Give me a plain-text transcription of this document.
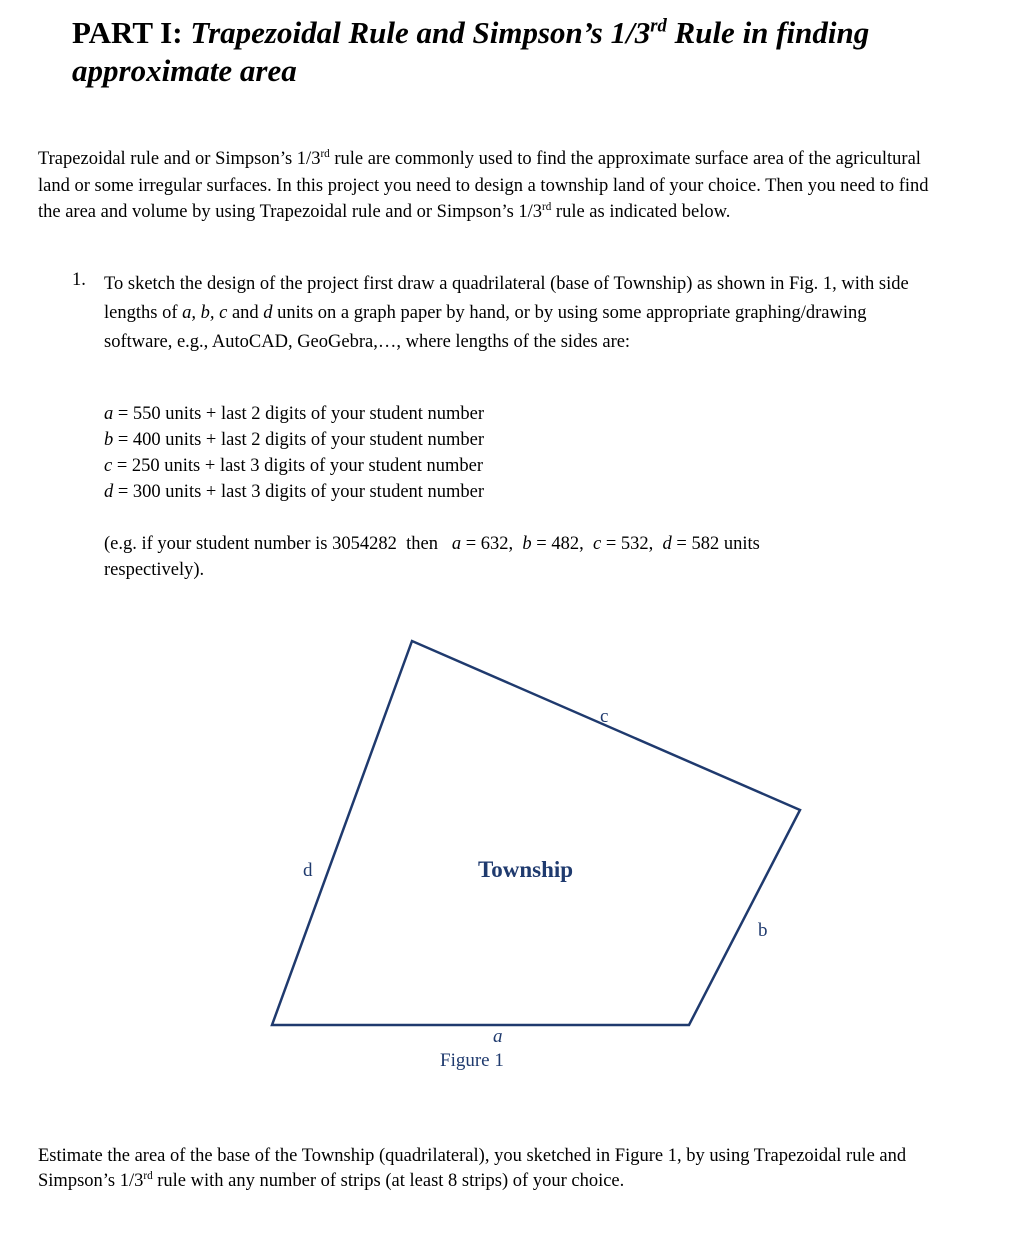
PART I: Trapezoidal Rule and Simpson’s 1/3rd Rule in finding approximate area

Trapezoidal rule and or Simpson’s 1/3rd rule are commonly used to find the approximate surface area of the agricultural land or some irregular surfaces. In this project you need to design a township land of your choice. Then you need to find the area and volume by using Trapezoidal rule and or Simpson’s 1/3rd rule as indicated below.

1. To sketch the design of the project first draw a quadrilateral (base of Township) as shown in Fig. 1, with side lengths of a, b, c and d units on a graph paper by hand, or by using some appropriate graphing/drawing software, e.g., AutoCAD, GeoGebra,…, where lengths of the sides are:

a = 550 units + last 2 digits of your student number
b = 400 units + last 2 digits of your student number
c = 250 units + last 3 digits of your student number
d = 300 units + last 3 digits of your student number

(e.g. if your student number is 3054282  then   a = 632,  b = 482,  c = 532,  d = 582 units
respectively).

c
d
b
a
Township
Figure 1

Estimate the area of the base of the Township (quadrilateral), you sketched in Figure 1, by using Trapezoidal rule and Simpson’s 1/3rd rule with any number of strips (at least 8 strips) of your choice.
